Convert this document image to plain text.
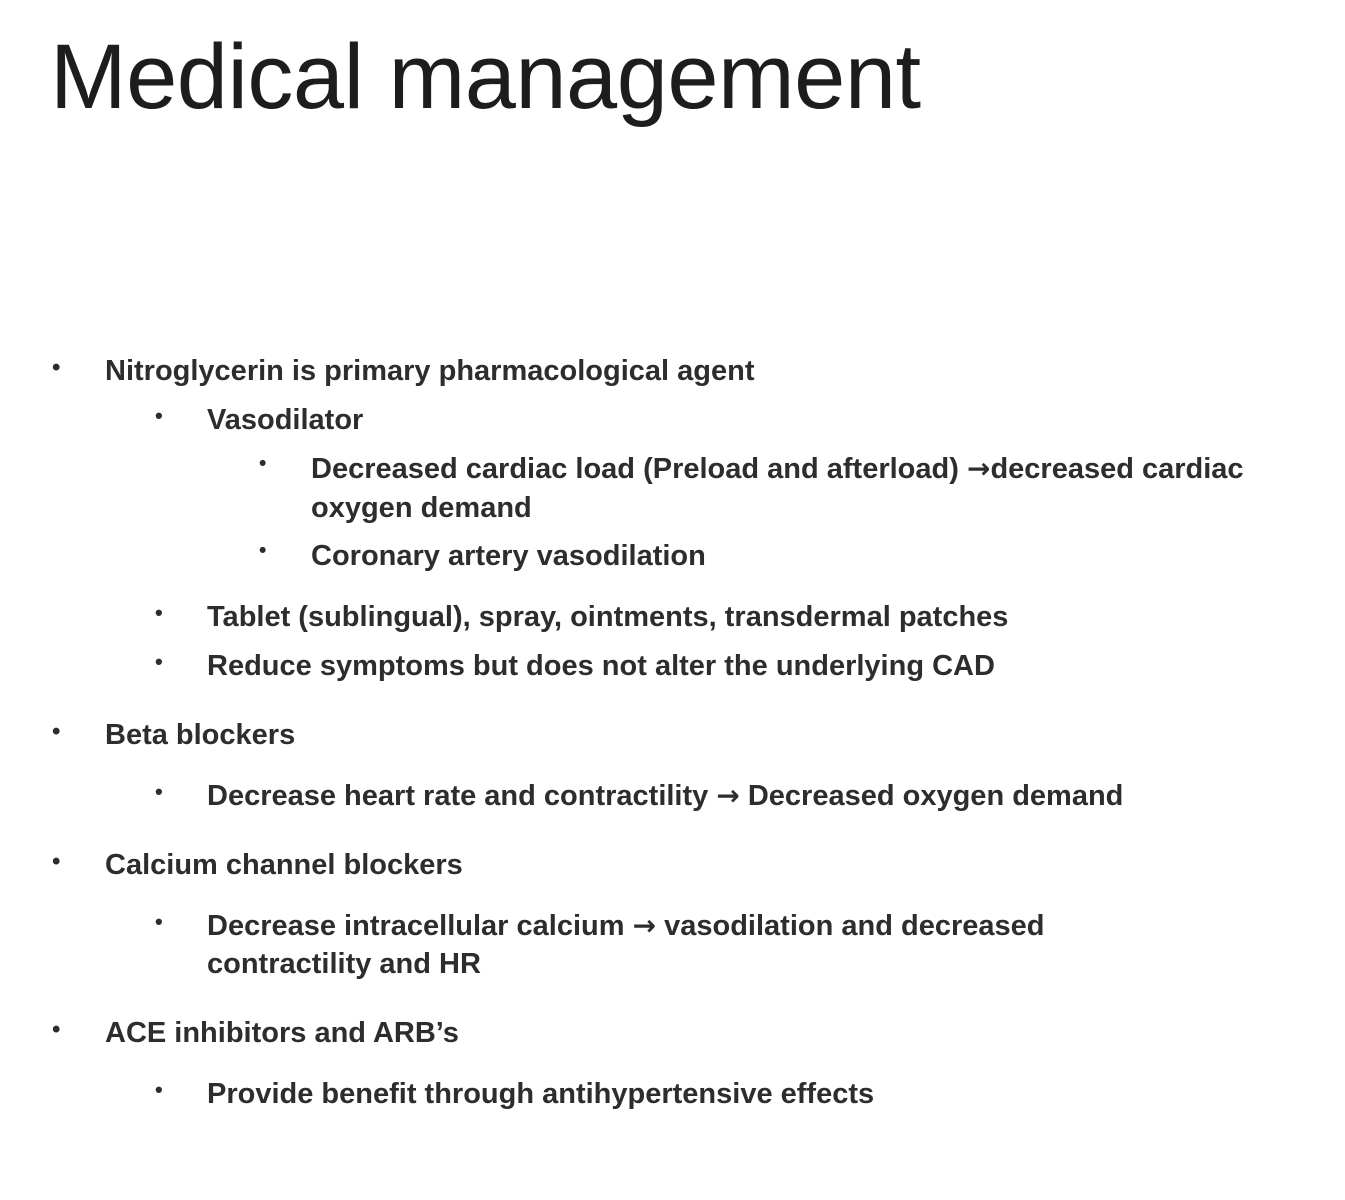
Medical management
• Nitroglycerin is primary pharmacological agent
• Vasodilator
• Decreased cardiac load (Preload and afterload) →decreased cardiac oxygen demand
• Coronary artery vasodilation
• Tablet (sublingual), spray, ointments, transdermal patches
• Reduce symptoms but does not alter the underlying CAD
• Beta blockers
• Decrease heart rate and contractility → Decreased oxygen demand
• Calcium channel blockers
• Decrease intracellular calcium → vasodilation and decreased contractility and HR
• ACE inhibitors and ARB’s
• Provide benefit through antihypertensive effects
